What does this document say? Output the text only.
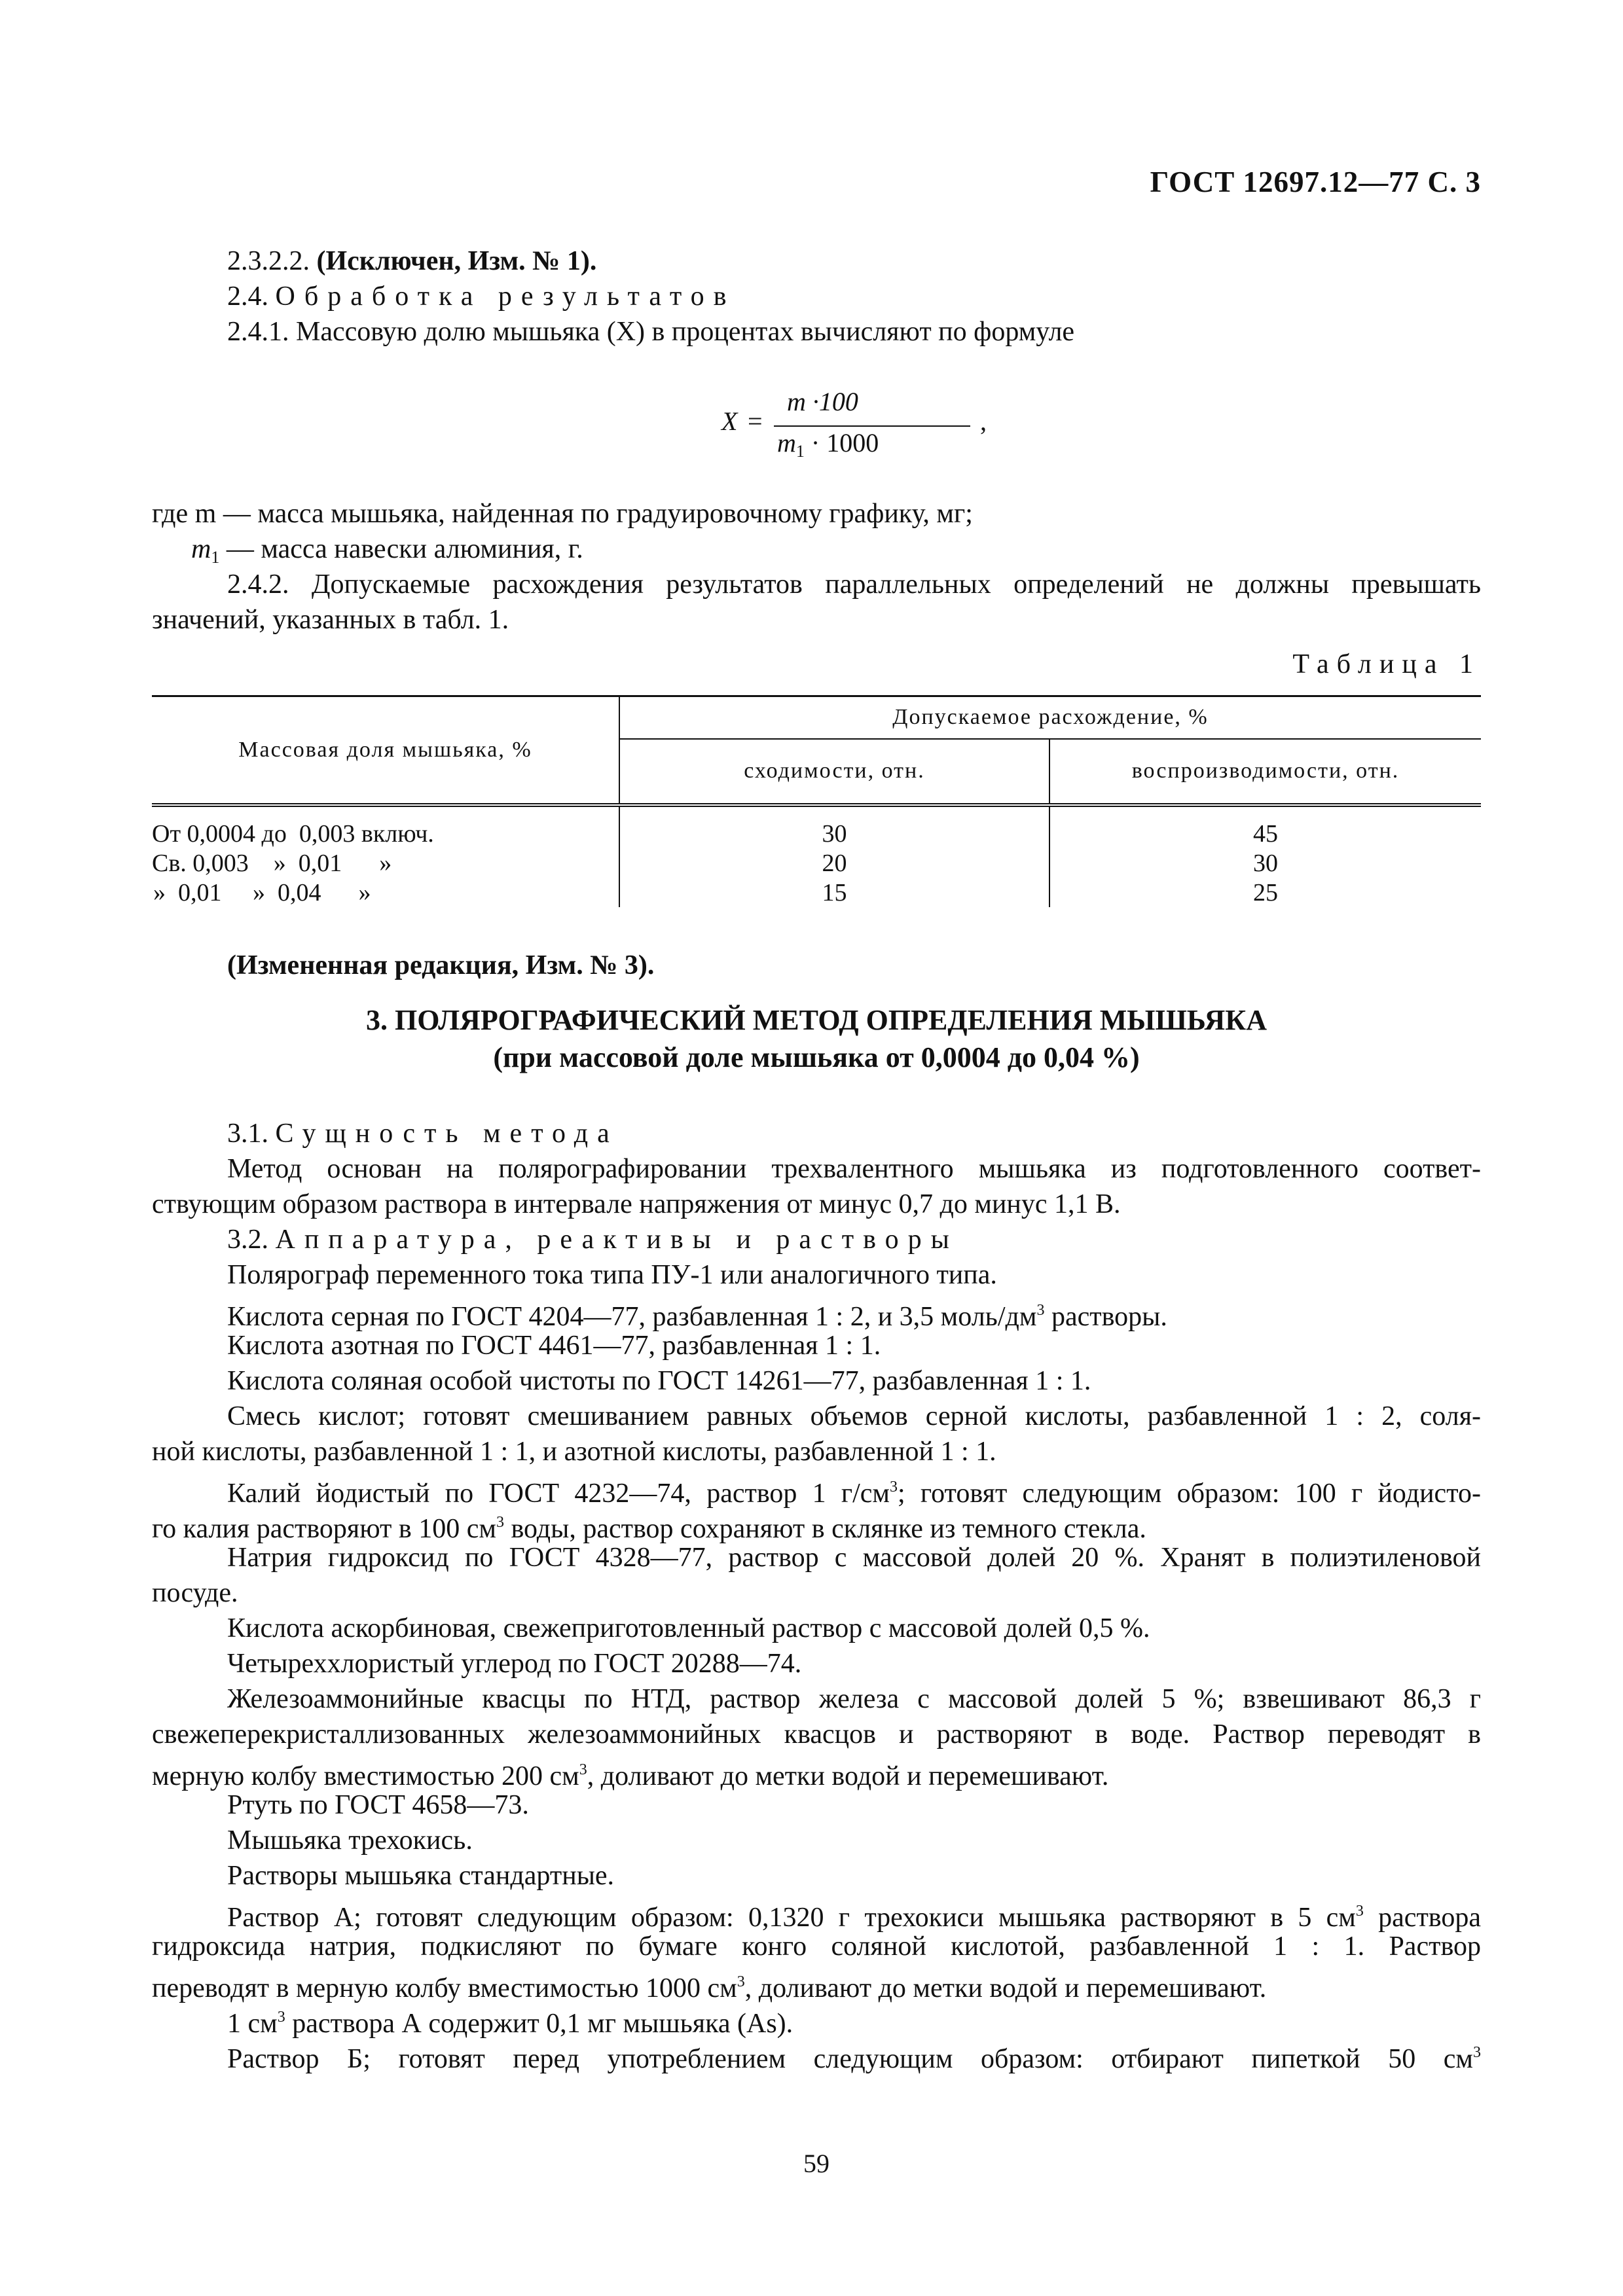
ГОСТ 12697.12—77 С. 3
2.3.2.2. (Исключен, Изм. № 1).
2.4. Обработка результатов
2.4.1. Массовую долю мышьяка (X) в процентах вычисляют по формуле
X =
m ·100
$m_1 \cdot 1000$
,
где m — масса мышьяка, найденная по градуировочному графику, мг;
$m_1$ — масса навески алюминия, г.
2.4.2. Допускаемые расхождения результатов параллельных определений не должны превышать
значений, указанных в табл. 1.
Таблица 1
Массовая доля мышьяка, %	Допускаемое расхождение, %	
	сходимости, отн.	воспроизводимости, отн.
От 0,0004 до  0,003 включ.	30	45
Св. 0,003    »  0,01      »	20	30
»  0,01     »  0,04      »	15	25
(Измененная редакция, Изм. № 3).
3. ПОЛЯРОГРАФИЧЕСКИЙ МЕТОД ОПРЕДЕЛЕНИЯ МЫШЬЯКА
(при массовой доле мышьяка от 0,0004 до 0,04 %)
3.1. Сущность метода
Метод основан на полярографировании трехвалентного мышьяка из подготовленного соответ-
ствующим образом раствора в интервале напряжения от минус 0,7 до минус 1,1 В.
3.2. Аппаратура, реактивы и растворы
Полярограф переменного тока типа ПУ-1 или аналогичного типа.
Кислота серная по ГОСТ 4204—77, разбавленная 1 : 2, и 3,5 моль/$дм^3$ растворы.
Кислота азотная по ГОСТ 4461—77, разбавленная 1 : 1.
Кислота соляная особой чистоты по ГОСТ 14261—77, разбавленная 1 : 1.
Смесь кислот; готовят смешиванием равных объемов серной кислоты, разбавленной 1 : 2, соля-
ной кислоты, разбавленной 1 : 1, и азотной кислоты, разбавленной 1 : 1.
Калий йодистый по ГОСТ 4232—74, раствор 1 $г/см^3$; готовят следующим образом: 100 г йодисто-
го калия растворяют в 100 $см^3$ воды, раствор сохраняют в склянке из темного стекла.
Натрия гидроксид по ГОСТ 4328—77, раствор с массовой долей 20 %. Хранят в полиэтиленовой
посуде.
Кислота аскорбиновая, свежеприготовленный раствор с массовой долей 0,5 %.
Четыреххлористый углерод по ГОСТ 20288—74.
Железоаммонийные квасцы по НТД, раствор железа с массовой долей 5 %; взвешивают 86,3 г
свежеперекристаллизованных железоаммонийных квасцов и растворяют в воде. Раствор переводят в
мерную колбу вместимостью 200 $см^3$, доливают до метки водой и перемешивают.
Ртуть по ГОСТ 4658—73.
Мышьяка трехокись.
Растворы мышьяка стандартные.
Раствор А; готовят следующим образом: 0,1320 г трехокиси мышьяка растворяют в 5 $см^3$ раствора
гидроксида натрия, подкисляют по бумаге конго соляной кислотой, разбавленной 1 : 1. Раствор
переводят в мерную колбу вместимостью 1000 $см^3$, доливают до метки водой и перемешивают.
1 $см^3$ раствора А содержит 0,1 мг мышьяка (As).
Раствор Б; готовят перед употреблением следующим образом: отбирают пипеткой 50 $см^3$
59
